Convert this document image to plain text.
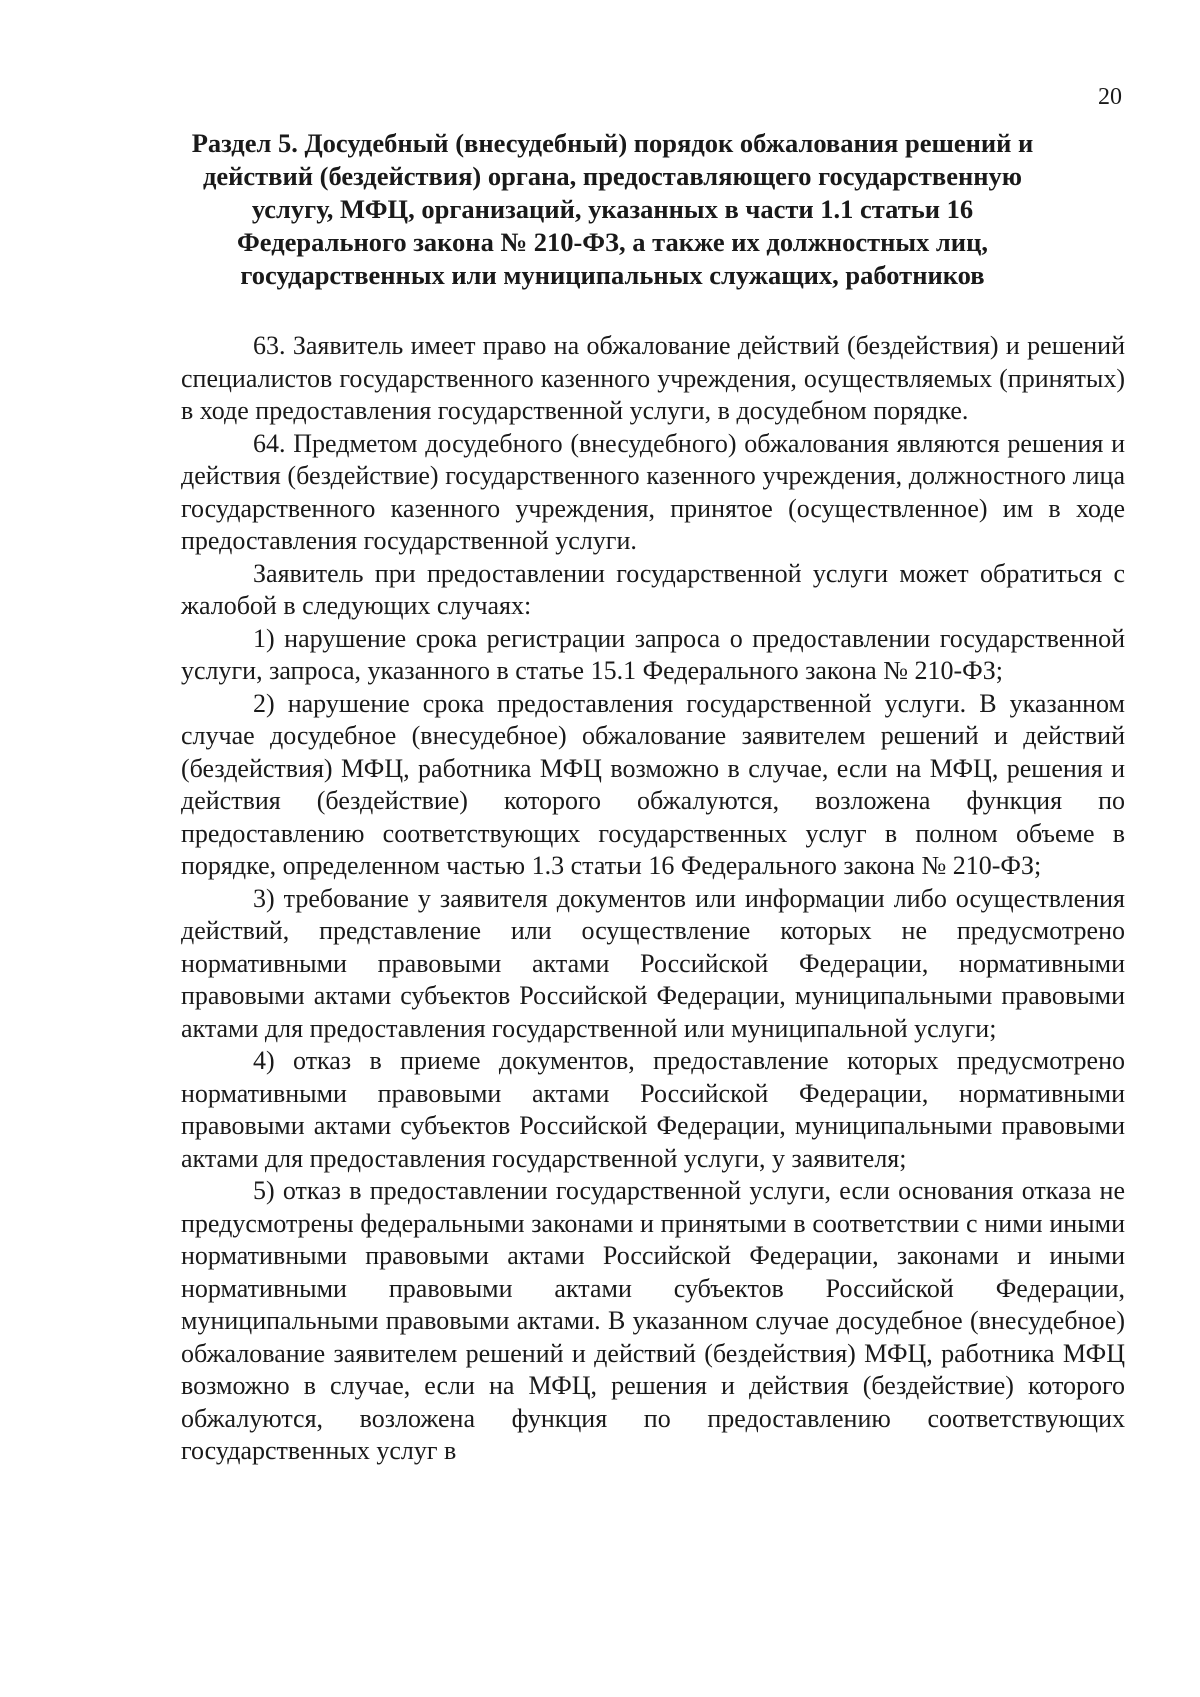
20
Раздел 5. Досудебный (внесудебный) порядок обжалования решений и действий (бездействия) органа, предоставляющего государственную услугу, МФЦ, организаций, указанных в части 1.1 статьи 16 Федерального закона № 210-ФЗ, а также их должностных лиц, государственных или муниципальных служащих, работников

63. Заявитель имеет право на обжалование действий (бездействия) и решений специалистов государственного казенного учреждения, осуществляемых (принятых) в ходе предоставления государственной услуги, в досудебном порядке.

64. Предметом досудебного (внесудебного) обжалования являются решения и действия (бездействие) государственного казенного учреждения, должностного лица государственного казенного учреждения, принятое (осуществленное) им в ходе предоставления государственной услуги.

Заявитель при предоставлении государственной услуги может обратиться с жалобой в следующих случаях:

1) нарушение срока регистрации запроса о предоставлении государственной услуги, запроса, указанного в статье 15.1 Федерального закона № 210-ФЗ;

2) нарушение срока предоставления государственной услуги. В указанном случае досудебное (внесудебное) обжалование заявителем решений и действий (бездействия) МФЦ, работника МФЦ возможно в случае, если на МФЦ, решения и действия (бездействие) которого обжалуются, возложена функция по предоставлению соответствующих государственных услуг в полном объеме в порядке, определенном частью 1.3 статьи 16 Федерального закона № 210-ФЗ;

3) требование у заявителя документов или информации либо осуществления действий, представление или осуществление которых не предусмотрено нормативными правовыми актами Российской Федерации, нормативными правовыми актами субъектов Российской Федерации, муниципальными правовыми актами для предоставления государственной или муниципальной услуги;

4) отказ в приеме документов, предоставление которых предусмотрено нормативными правовыми актами Российской Федерации, нормативными правовыми актами субъектов Российской Федерации, муниципальными правовыми актами для предоставления государственной услуги, у заявителя;

5) отказ в предоставлении государственной услуги, если основания отказа не предусмотрены федеральными законами и принятыми в соответствии с ними иными нормативными правовыми актами Российской Федерации, законами и иными нормативными правовыми актами субъектов Российской Федерации, муниципальными правовыми актами. В указанном случае досудебное (внесудебное) обжалование заявителем решений и действий (бездействия) МФЦ, работника МФЦ возможно в случае, если на МФЦ, решения и действия (бездействие) которого обжалуются, возложена функция по предоставлению соответствующих государственных услуг в
